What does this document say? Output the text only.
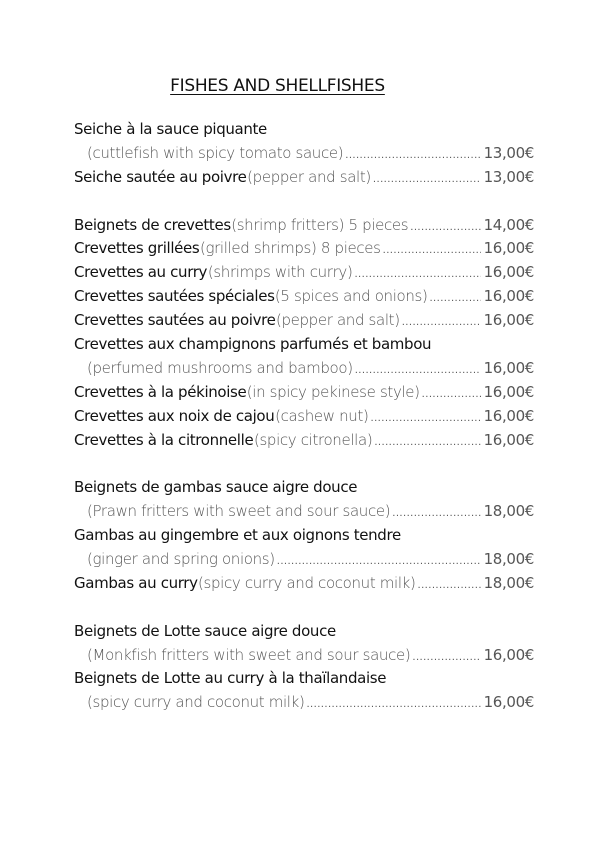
FISHES AND SHELLFISHES
Seiche à la sauce piquante
(cuttlefish with spicy tomato sauce) .....	13,00€
Seiche sautée au poivre (pepper and salt) .....	13,00€
Beignets de crevettes (shrimp fritters) 5 pieces .....	14,00€
Crevettes grillées (grilled shrimps) 8 pieces .....	16,00€
Crevettes au curry (shrimps with curry) .....	16,00€
Crevettes sautées spéciales (5 spices and onions) .....	16,00€
Crevettes sautées au poivre (pepper and salt) .....	16,00€
Crevettes aux champignons parfumés et bambou
(perfumed mushrooms and bamboo) .....	16,00€
Crevettes à la pékinoise (in spicy pekinese style) .....	16,00€
Crevettes aux noix de cajou (cashew nut) .....	16,00€
Crevettes à la citronnelle (spicy citronella) .....	16,00€
Beignets de gambas sauce aigre douce
(Prawn fritters with sweet and sour sauce) .....	18,00€
Gambas au gingembre et aux oignons tendre
(ginger and spring onions) .....	18,00€
Gambas au curry (spicy curry and coconut milk) .....	18,00€
Beignets de Lotte sauce aigre douce
(Monkfish fritters with sweet and sour sauce) .....	16,00€
Beignets de Lotte au curry à la thaïlandaise
(spicy curry and coconut milk) .....	16,00€
